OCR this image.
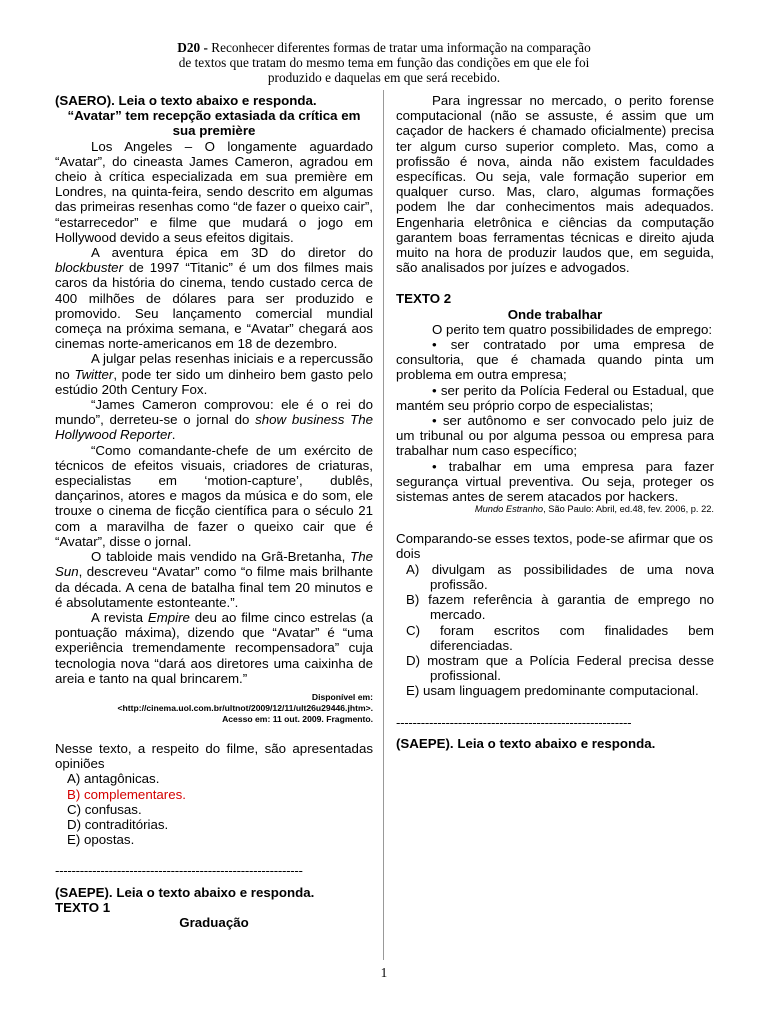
D20 - Reconhecer diferentes formas de tratar uma informação na comparação
de textos que tratam do mesmo tema em função das condições em que ele foi
produzido e daquelas em que será recebido.

(SAERO). Leia o texto abaixo e responda.

“Avatar” tem recepção extasiada da crítica em sua première

Los Angeles – O longamente aguardado “Avatar”, do cineasta James Cameron, agradou em cheio à crítica especializada em sua première em Londres, na quinta-feira, sendo descrito em algumas das primeiras resenhas como “de fazer o queixo cair”, “estarrecedor” e filme que mudará o jogo em Hollywood devido a seus efeitos digitais.

A aventura épica em 3D do diretor do blockbuster de 1997 “Titanic” é um dos filmes mais caros da história do cinema, tendo custado cerca de 400 milhões de dólares para ser produzido e promovido. Seu lançamento comercial mundial começa na próxima semana, e “Avatar” chegará aos cinemas norte-americanos em 18 de dezembro.

A julgar pelas resenhas iniciais e a repercussão no Twitter, pode ter sido um dinheiro bem gasto pelo estúdio 20th Century Fox.

“James Cameron comprovou: ele é o rei do mundo”, derreteu-se o jornal do show business The Hollywood Reporter.

“Como comandante-chefe de um exército de técnicos de efeitos visuais, criadores de criaturas, especialistas em ‘motion-capture’, dublês, dançarinos, atores e magos da música e do som, ele trouxe o cinema de ficção científica para o século 21 com a maravilha de fazer o queixo cair que é “Avatar”, disse o jornal.

O tabloide mais vendido na Grã-Bretanha, The Sun, descreveu “Avatar” como “o filme mais brilhante da década. A cena de batalha final tem 20 minutos e é absolutamente estonteante.”.

A revista Empire deu ao filme cinco estrelas (a pontuação máxima), dizendo que “Avatar” é “uma experiência tremendamente recompensadora” cuja tecnologia nova “dará aos diretores uma caixinha de areia e tanto na qual brincarem.”

Disponível em:

<http://cinema.uol.com.br/ultnot/2009/12/11/ult26u29446.jhtm>.

Acesso em: 11 out. 2009. Fragmento.

Nesse texto, a respeito do filme, são apresentadas opiniões

A) antagônicas.

B) complementares.

C) confusas.

D) contraditórias.

E) opostas.

------------------------------------------------------------

(SAEPE). Leia o texto abaixo e responda.

TEXTO 1

Graduação

Para ingressar no mercado, o perito forense computacional (não se assuste, é assim que um caçador de hackers é chamado oficialmente) precisa ter algum curso superior completo. Mas, como a profissão é nova, ainda não existem faculdades específicas. Ou seja, vale formação superior em qualquer curso. Mas, claro, algumas formações podem lhe dar conhecimentos mais adequados. Engenharia eletrônica e ciências da computação garantem boas ferramentas técnicas e direito ajuda muito na hora de produzir laudos que, em seguida, são analisados por juízes e advogados.

TEXTO 2

Onde trabalhar

O perito tem quatro possibilidades de emprego:

• ser contratado por uma empresa de consultoria, que é chamada quando pinta um problema em outra empresa;

• ser perito da Polícia Federal ou Estadual, que mantém seu próprio corpo de especialistas;

• ser autônomo e ser convocado pelo juiz de um tribunal ou por alguma pessoa ou empresa para trabalhar num caso específico;

• trabalhar em uma empresa para fazer segurança virtual preventiva. Ou seja, proteger os sistemas antes de serem atacados por hackers.

Mundo Estranho, São Paulo: Abril, ed.48, fev. 2006, p. 22.

Comparando-se esses textos, pode-se afirmar que os dois

A) divulgam as possibilidades de uma nova profissão.

B) fazem referência à garantia de emprego no mercado.

C) foram escritos com finalidades bem diferenciadas.

D) mostram que a Polícia Federal precisa desse profissional.

E) usam linguagem predominante computacional.

---------------------------------------------------------

(SAEPE). Leia o texto abaixo e responda.

1
